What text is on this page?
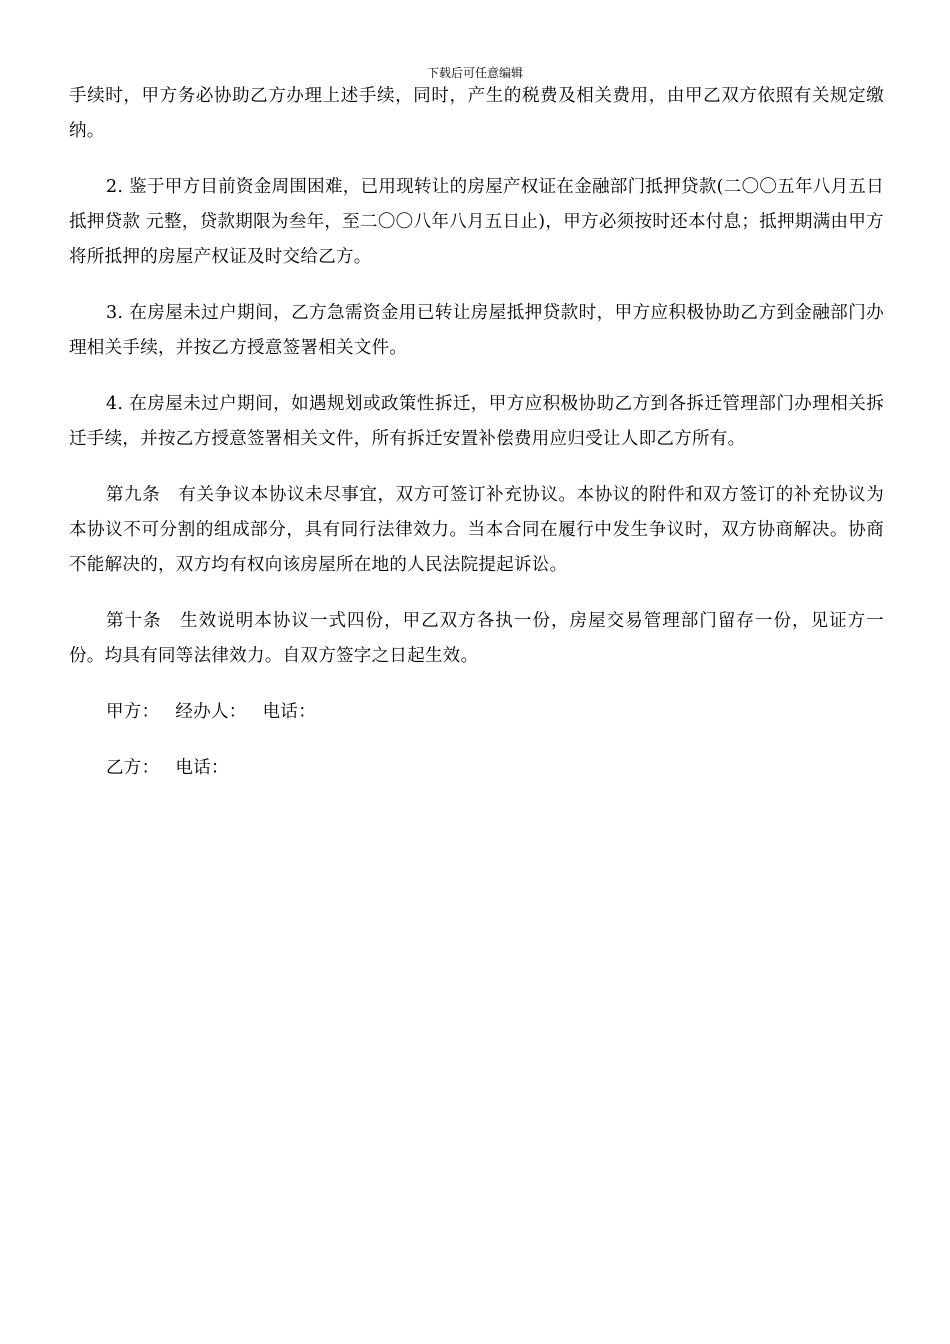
下载后可任意编辑

手续时，甲方务必协助乙方办理上述手续，同时，产生的税费及相关费用，由甲乙双方依照有关规定缴纳。

2. 鉴于甲方目前资金周围困难，已用现转让的房屋产权证在金融部门抵押贷款(二〇〇五年八月五日抵押贷款 元整，贷款期限为叁年，至二〇〇八年八月五日止)，甲方必须按时还本付息；抵押期满由甲方将所抵押的房屋产权证及时交给乙方。

3. 在房屋未过户期间，乙方急需资金用已转让房屋抵押贷款时，甲方应积极协助乙方到金融部门办理相关手续，并按乙方授意签署相关文件。

4. 在房屋未过户期间，如遇规划或政策性拆迁，甲方应积极协助乙方到各拆迁管理部门办理相关拆迁手续，并按乙方授意签署相关文件，所有拆迁安置补偿费用应归受让人即乙方所有。

第九条　有关争议本协议未尽事宜，双方可签订补充协议。本协议的附件和双方签订的补充协议为本协议不可分割的组成部分，具有同行法律效力。当本合同在履行中发生争议时，双方协商解决。协商不能解决的，双方均有权向该房屋所在地的人民法院提起诉讼。

第十条　生效说明本协议一式四份，甲乙双方各执一份，房屋交易管理部门留存一份，见证方一份。均具有同等法律效力。自双方签字之日起生效。

甲方： 经办人： 电话：
乙方： 电话：
